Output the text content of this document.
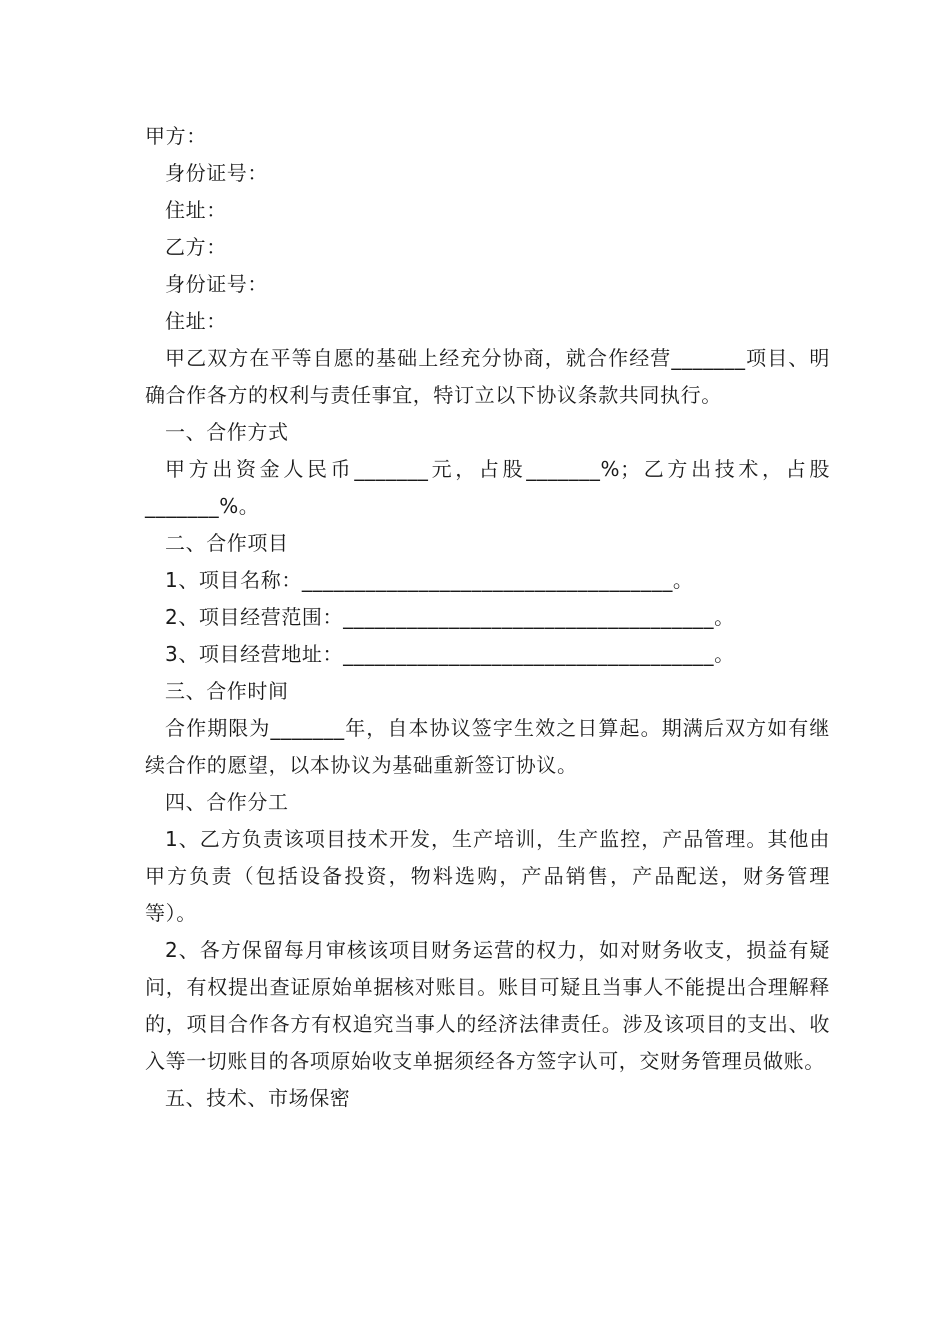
甲方：
身份证号：
住址：
乙方：
身份证号：
住址：
甲乙双方在平等自愿的基础上经充分协商，就合作经营_______项目、明确合作各方的权利与责任事宜，特订立以下协议条款共同执行。
一、合作方式
甲方出资金人民币_______元，占股_______%；乙方出技术，占股_______%。
二、合作项目
1、项目名称：___________________________________。
2、项目经营范围：___________________________________。
3、项目经营地址：___________________________________。
三、合作时间
合作期限为_______年，自本协议签字生效之日算起。期满后双方如有继续合作的愿望，以本协议为基础重新签订协议。
四、合作分工
1、乙方负责该项目技术开发，生产培训，生产监控，产品管理。其他由甲方负责（包括设备投资，物料选购，产品销售，产品配送，财务管理等）。
2、各方保留每月审核该项目财务运营的权力，如对财务收支，损益有疑问，有权提出查证原始单据核对账目。账目可疑且当事人不能提出合理解释的，项目合作各方有权追究当事人的经济法律责任。涉及该项目的支出、收入等一切账目的各项原始收支单据须经各方签字认可，交财务管理员做账。
五、技术、市场保密
